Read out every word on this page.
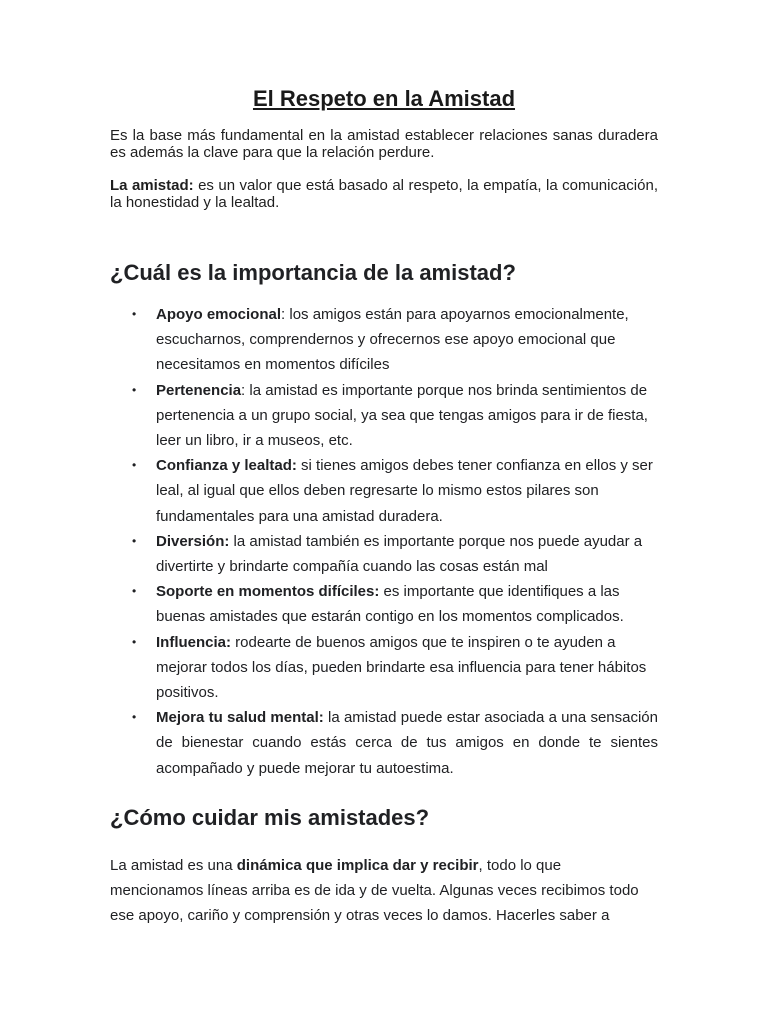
El Respeto en la Amistad

Es la base más fundamental en la amistad establecer relaciones sanas duradera es además la clave para que la relación perdure.

La amistad: es un valor que está basado al respeto, la empatía, la comunicación, la honestidad y la lealtad.

¿Cuál es la importancia de la amistad?
• Apoyo emocional: los amigos están para apoyarnos emocionalmente, escucharnos, comprendernos y ofrecernos ese apoyo emocional que necesitamos en momentos difíciles
• Pertenencia: la amistad es importante porque nos brinda sentimientos de pertenencia a un grupo social, ya sea que tengas amigos para ir de fiesta, leer un libro, ir a museos, etc.
• Confianza y lealtad: si tienes amigos debes tener confianza en ellos y ser leal, al igual que ellos deben regresarte lo mismo estos pilares son fundamentales para una amistad duradera.
• Diversión: la amistad también es importante porque nos puede ayudar a divertirte y brindarte compañía cuando las cosas están mal
• Soporte en momentos difíciles: es importante que identifiques a las buenas amistades que estarán contigo en los momentos complicados.
• Influencia: rodearte de buenos amigos que te inspiren o te ayuden a mejorar todos los días, pueden brindarte esa influencia para tener hábitos positivos.
• Mejora tu salud mental: la amistad puede estar asociada a una sensación de bienestar cuando estás cerca de tus amigos en donde te sientes acompañado y puede mejorar tu autoestima.
¿Cómo cuidar mis amistades?

La amistad es una dinámica que implica dar y recibir, todo lo que mencionamos líneas arriba es de ida y de vuelta. Algunas veces recibimos todo ese apoyo, cariño y comprensión y otras veces lo damos. Hacerles saber a
